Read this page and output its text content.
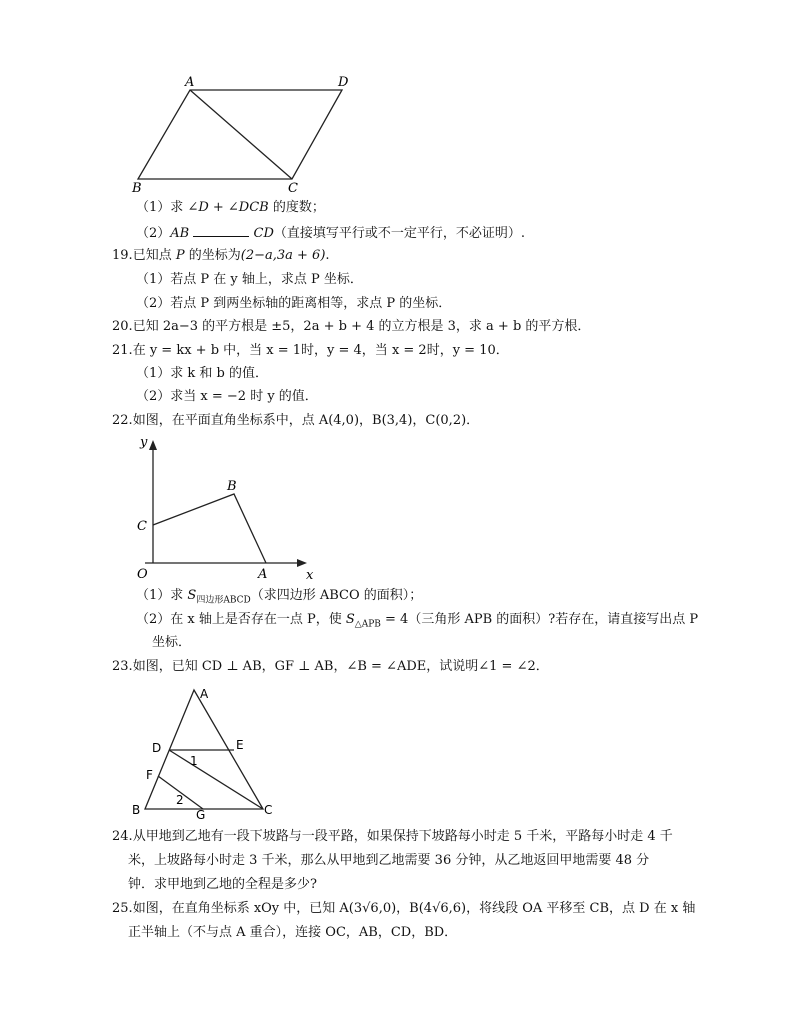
A	D
B	C
（1）求 ∠D + ∠DCB 的度数；
（2）AB	CD（直接填写平行或不一定平行，不必证明）.
19.已知点 P 的坐标为(2−a,3a + 6).
（1）若点 P 在 y 轴上，求点 P 坐标．
（2）若点 P 到两坐标轴的距离相等，求点 P 的坐标．
20.已知 2a−3 的平方根是 ±5，2a + b + 4 的立方根是 3，求 a + b 的平方根．
21.在 y = kx + b 中，当 x = 1时，y = 4，当 x = 2时，y = 10．
（1）求 k 和 b 的值．
（2）求当 x = −2 时 y 的值．
22.如图，在平面直角坐标系中，点 A(4,0)，B(3,4)，C(0,2)．
y
x
O	A
B
C
（1）求 $S_{四边形ABCD}$（求四边形 ABCO 的面积）；
（2）在 x 轴上是否存在一点 P，使 $S_{\triangle APB} = 4$（三角形 APB 的面积）?若存在，请直接写出点 P
坐标．
23.如图，已知 CD ⊥ AB，GF ⊥ AB，∠B = ∠ADE，试说明∠1 = ∠2．
A
D	E
F
B	G	C
1
2
24.从甲地到乙地有一段下坡路与一段平路，如果保持下坡路每小时走 5 千米，平路每小时走 4 千
米，上坡路每小时走 3 千米，那么从甲地到乙地需要 36 分钟，从乙地返回甲地需要 48 分
钟．求甲地到乙地的全程是多少?
25.如图，在直角坐标系 xOy 中，已知 A(3√6,0)，B(4√6,6)，将线段 OA 平移至 CB，点 D 在 x 轴
正半轴上（不与点 A 重合），连接 OC，AB，CD，BD．
